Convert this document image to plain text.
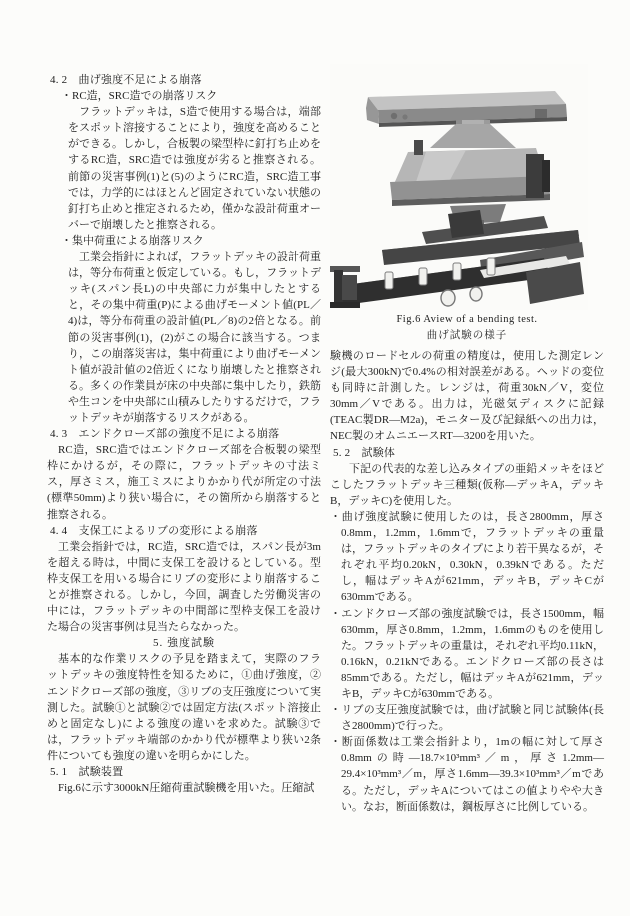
4. 2　曲げ強度不足による崩落
・RC造，SRC造での崩落リスク
フラットデッキは，S造で使用する場合は，端部をスポット溶接することにより，強度を高めることができる。しかし，合板製の梁型枠に釘打ち止めをするRC造，SRC造では強度が劣ると推察される。前節の災害事例(1)と(5)のようにRC造，SRC造工事では，力学的にはほとんど固定されていない状態の釘打ち止めと推定されるため，僅かな設計荷重オーバーで崩壊したと推察される。
・集中荷重による崩落リスク
工業会指針によれば，フラットデッキの設計荷重は，等分布荷重と仮定している。もし，フラットデッキ(スパン長L)の中央部に力が集中したとすると，その集中荷重(P)による曲げモーメント値(PL／4)は，等分布荷重の設計値(PL／8)の2倍となる。前節の災害事例(1)，(2)がこの場合に該当する。つまり，この崩落災害は，集中荷重により曲げモーメント値が設計値の2倍近くになり崩壊したと推察される。多くの作業員が床の中央部に集中したり，鉄筋や生コンを中央部に山積みしたりするだけで，フラットデッキが崩落するリスクがある。
4. 3　エンドクローズ部の強度不足による崩落
RC造，SRC造ではエンドクローズ部を合板製の梁型枠にかけるが，その際に，フラットデッキの寸法ミス，厚さミス，施工ミスによりかかり代が所定の寸法(標準50mm)より狭い場合に，その箇所から崩落すると推察される。
4. 4　支保工によるリブの変形による崩落
工業会指針では，RC造，SRC造では，スパン長が3mを超える時は，中間に支保工を設けるとしている。型枠支保工を用いる場合にリブの変形により崩落することが推察される。しかし，今回，調査した労働災害の中には，フラットデッキの中間部に型枠支保工を設けた場合の災害事例は見当たらなかった。
5. 強度試験
基本的な作業リスクの予見を踏まえて，実際のフラットデッキの強度特性を知るために，①曲げ強度，②エンドクローズ部の強度，③リブの支圧強度について実測した。試験①と試験②では固定方法(スポット溶接止めと固定なし)による強度の違いを求めた。試験③では，フラットデッキ端部のかかり代が標準より狭い2条件についても強度の違いを明らかにした。
5. 1　試験装置
Fig.6に示す3000kN圧縮荷重試験機を用いた。圧縮試
Fig.6 Aview of a bending test.
曲げ試験の様子
験機のロードセルの荷重の精度は，使用した測定レンジ(最大300kN)で0.4%の相対誤差がある。ヘッドの変位も同時に計測した。レンジは，荷重30kN／V，変位30mm／Vである。出力は，光磁気ディスクに記録(TEAC製DR—M2a)，モニター及び記録紙への出力は，NEC製のオムニエースRT—3200を用いた。
5. 2　試験体
下記の代表的な差し込みタイプの亜鉛メッキをほどこしたフラットデッキ三種類(仮称—デッキA，デッキB，デッキC)を使用した。
・曲げ強度試験に使用したのは，長さ2800mm，厚さ0.8mm，1.2mm，1.6mmで，フラットデッキの重量は，フラットデッキのタイプにより若干異なるが，それぞれ平均0.20kN，0.30kN，0.39kNである。ただし，幅はデッキAが621mm，デッキB，デッキCが630mmである。
・エンドクローズ部の強度試験では，長さ1500mm，幅630mm，厚さ0.8mm，1.2mm，1.6mmのものを使用した。フラットデッキの重量は，それぞれ平均0.11kN，0.16kN，0.21kNである。エンドクローズ部の長さは85mmである。ただし，幅はデッキAが621mm，デッキB，デッキCが630mmである。
・リブの支圧強度試験では，曲げ試験と同じ試験体(長さ2800mm)で行った。
・断面係数は工業会指針より，1mの幅に対して厚さ0.8mmの時—18.7×10³mm³／m，厚さ1.2mm—29.4×10³mm³／m，厚さ1.6mm—39.3×10³mm³／mである。ただし，デッキAについてはこの値よりやや大きい。なお，断面係数は，鋼板厚さに比例している。
